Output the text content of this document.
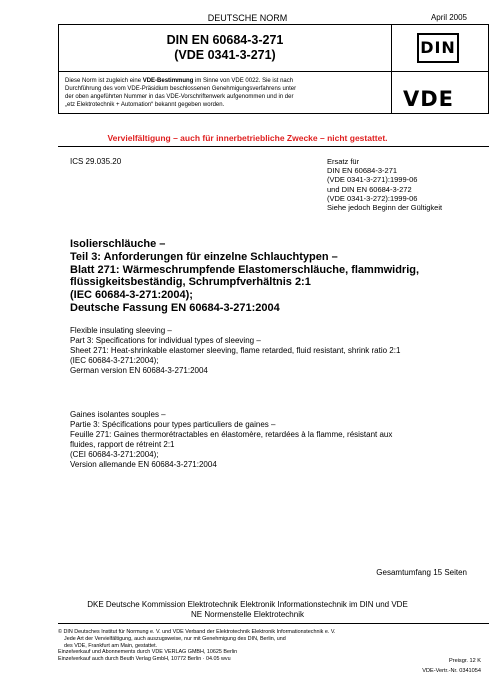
DEUTSCHE NORM	April 2005
DIN EN 60684-3-271
(VDE 0341-3-271)	DIN
Diese Norm ist zugleich eine VDE-Bestimmung im Sinne von VDE 0022. Sie ist nach
Durchführung des vom VDE-Präsidium beschlossenen Genehmigungsverfahrens unter
der oben angeführten Nummer in das VDE-Vorschriftenwerk aufgenommen und in der
„etz Elektrotechnik + Automation“ bekannt gegeben worden.	VDE
Vervielfältigung – auch für innerbetriebliche Zwecke – nicht gestattet.
ICS 29.035.20	Ersatz für
DIN EN 60684-3-271
(VDE 0341-3-271):1999-06
und DIN EN 60684-3-272
(VDE 0341-3-272):1999-06
Siehe jedoch Beginn der Gültigkeit
Isolierschläuche –
Teil 3: Anforderungen für einzelne Schlauchtypen –
Blatt 271: Wärmeschrumpfende Elastomerschläuche, flammwidrig,
flüssigkeitsbeständig, Schrumpfverhältnis 2:1
(IEC 60684-3-271:2004);
Deutsche Fassung EN 60684-3-271:2004
Flexible insulating sleeving –
Part 3: Specifications for individual types of sleeving –
Sheet 271: Heat-shrinkable elastomer sleeving, flame retarded, fluid resistant, shrink ratio 2:1
(IEC 60684-3-271:2004);
German version EN 60684-3-271:2004
Gaines isolantes souples –
Partie 3: Spécifications pour types particuliers de gaines –
Feuille 271: Gaines thermorétractables en élastomère, retardées à la flamme, résistant aux
fluides, rapport de rétreint 2:1
(CEI 60684-3-271:2004);
Version allemande EN 60684-3-271:2004
Gesamtumfang 15 Seiten
DKE Deutsche Kommission Elektrotechnik Elektronik Informationstechnik im DIN und VDE
NE Normenstelle Elektrotechnik
© DIN Deutsches Institut für Normung e. V. und VDE Verband der Elektrotechnik Elektronik Informationstechnik e. V.
Jede Art der Vervielfältigung, auch auszugsweise, nur mit Genehmigung des DIN, Berlin, und
des VDE, Frankfurt am Main, gestattet.
Einzelverkauf und Abonnements durch VDE VERLAG GMBH, 10625 Berlin
Einzelverkauf auch durch Beuth Verlag GmbH, 10772 Berlin · 04.05 wvu	Preisgr. 12 K
VDE-Vertr.-Nr. 0341054
